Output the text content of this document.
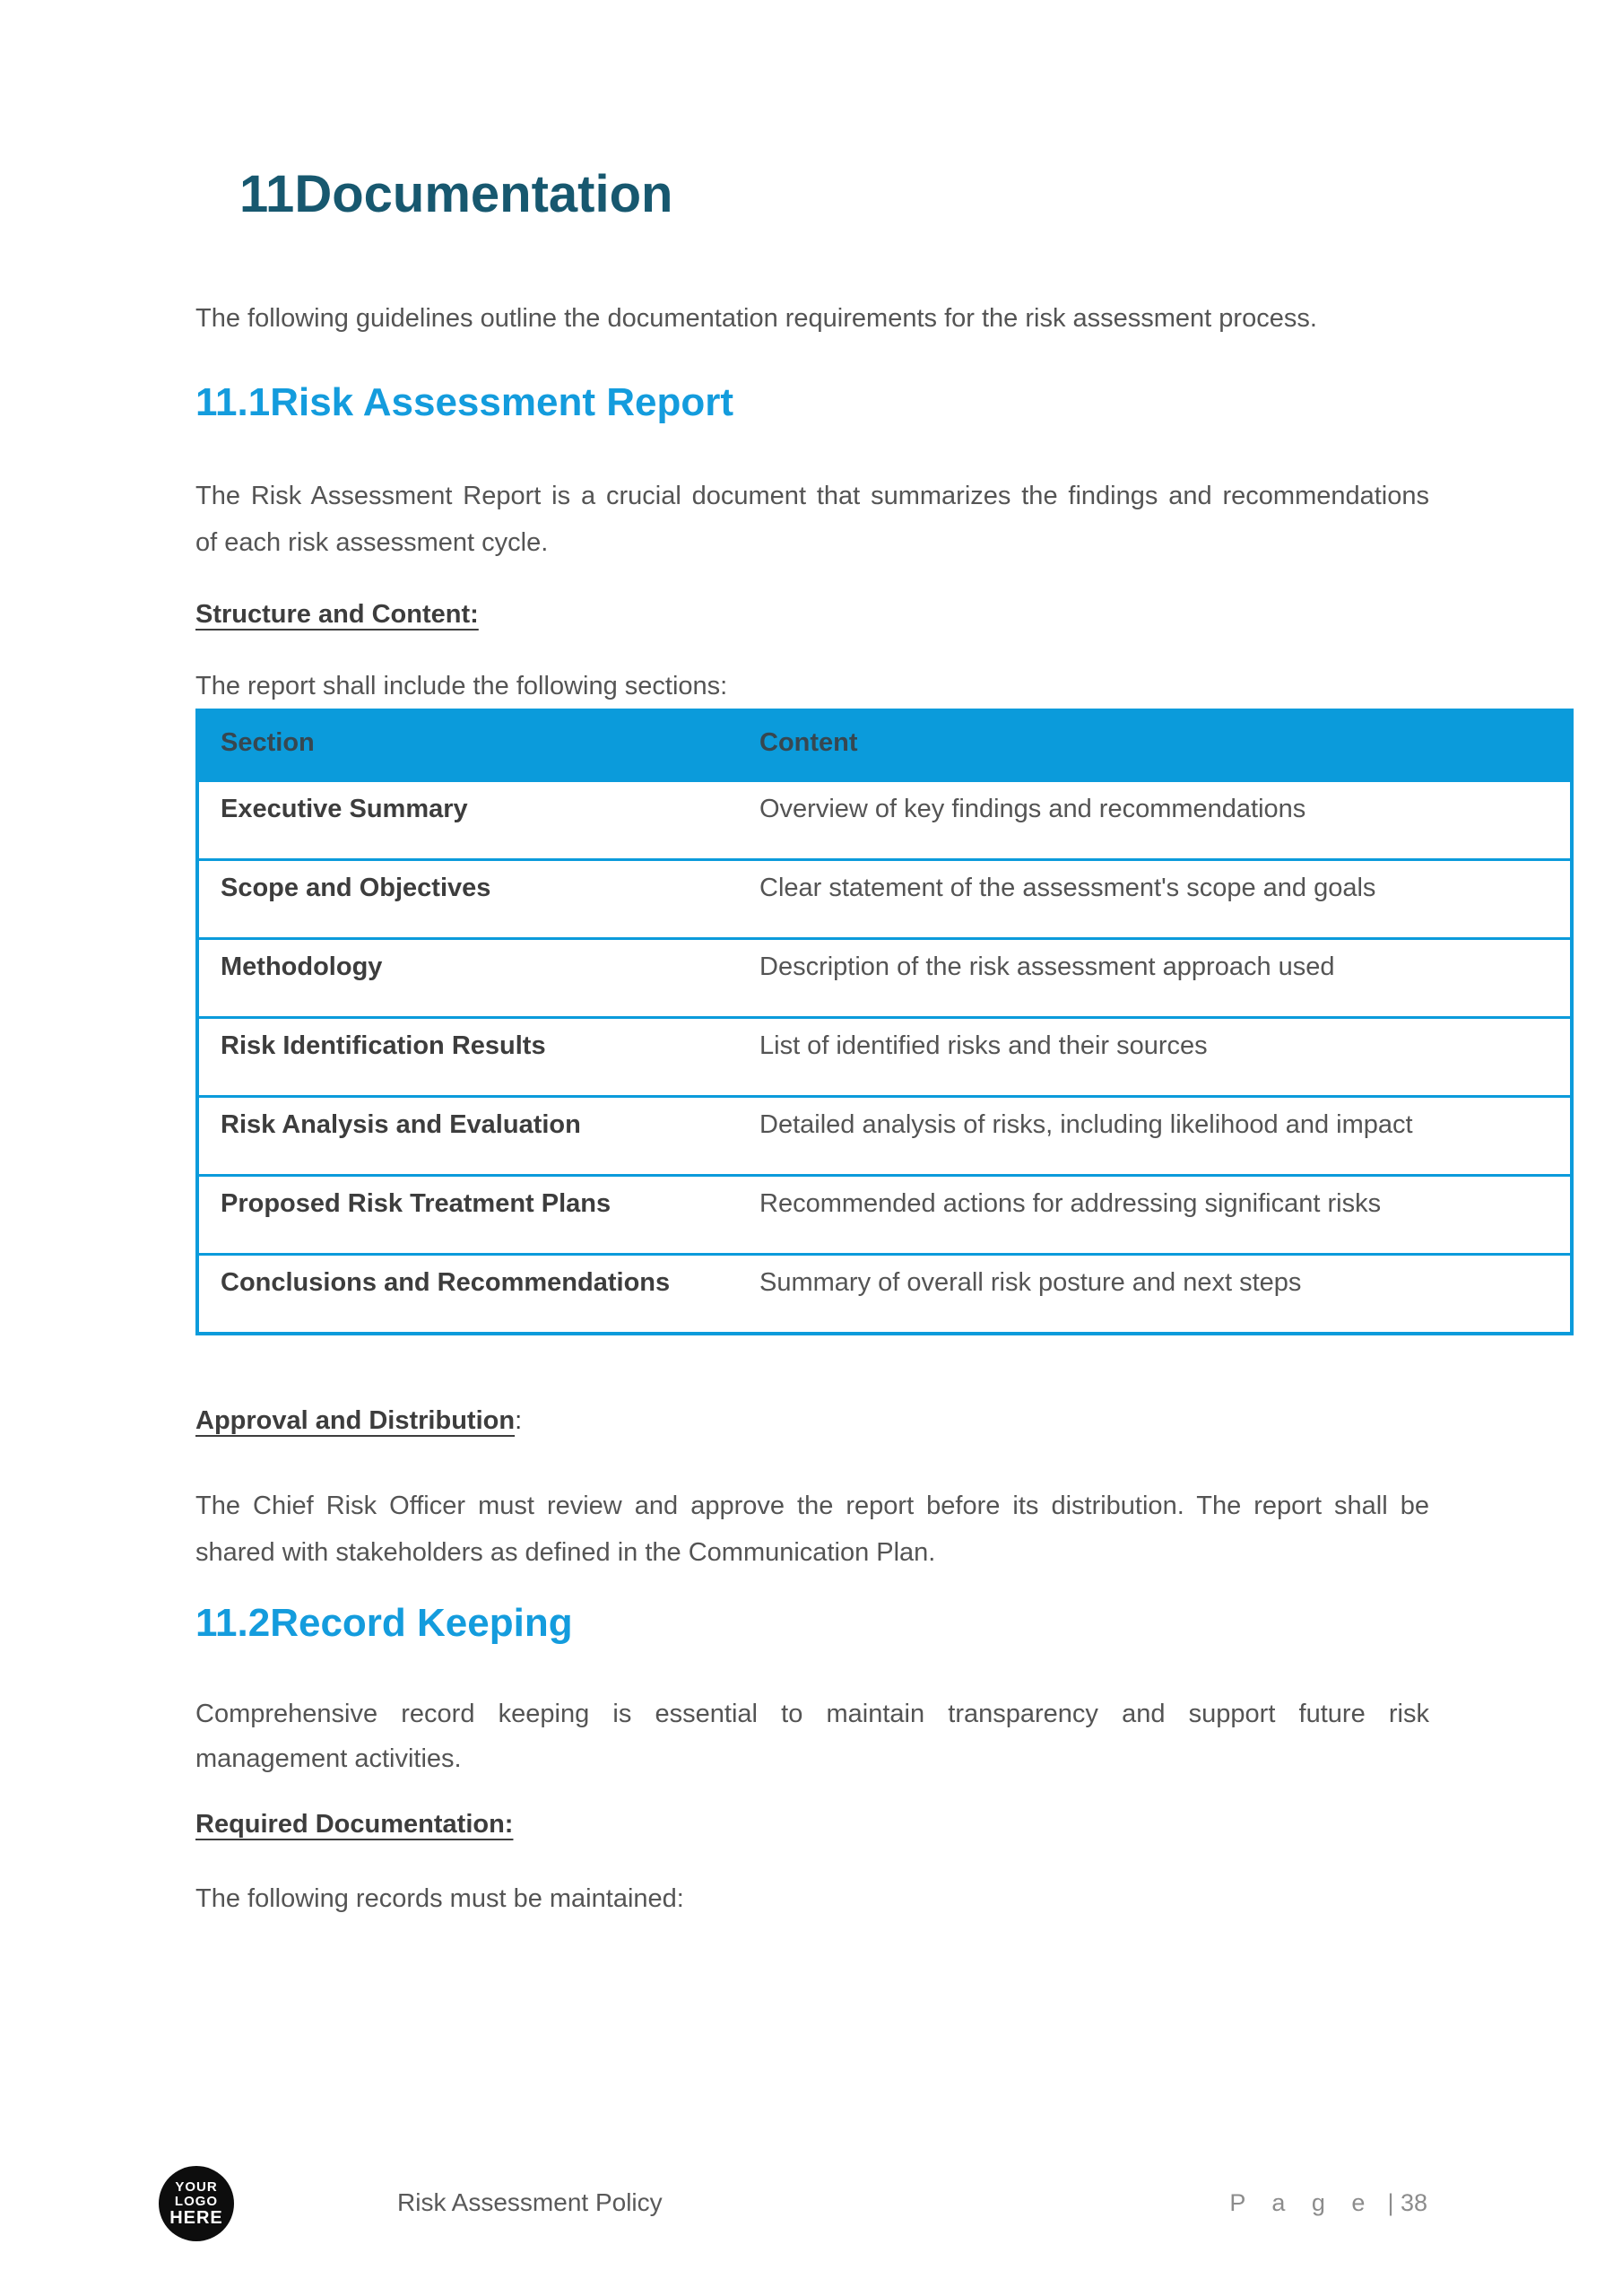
11Documentation
The following guidelines outline the documentation requirements for the risk assessment process.
11.1Risk Assessment Report
The Risk Assessment Report is a crucial document that summarizes the findings and recommendations
of each risk assessment cycle.
Structure and Content:
The report shall include the following sections:
Section	Content
Executive Summary	Overview of key findings and recommendations
Scope and Objectives	Clear statement of the assessment's scope and goals
Methodology	Description of the risk assessment approach used
Risk Identification Results	List of identified risks and their sources
Risk Analysis and Evaluation	Detailed analysis of risks, including likelihood and impact
Proposed Risk Treatment Plans	Recommended actions for addressing significant risks
Conclusions and Recommendations	Summary of overall risk posture and next steps
Approval and Distribution:
The Chief Risk Officer must review and approve the report before its distribution. The report shall be
shared with stakeholders as defined in the Communication Plan.
11.2Record Keeping
Comprehensive record keeping is essential to maintain transparency and support future risk
management activities.
Required Documentation:
The following records must be maintained:
YOUR
LOGO
HERE
Risk Assessment Policy	P a g e | 38
